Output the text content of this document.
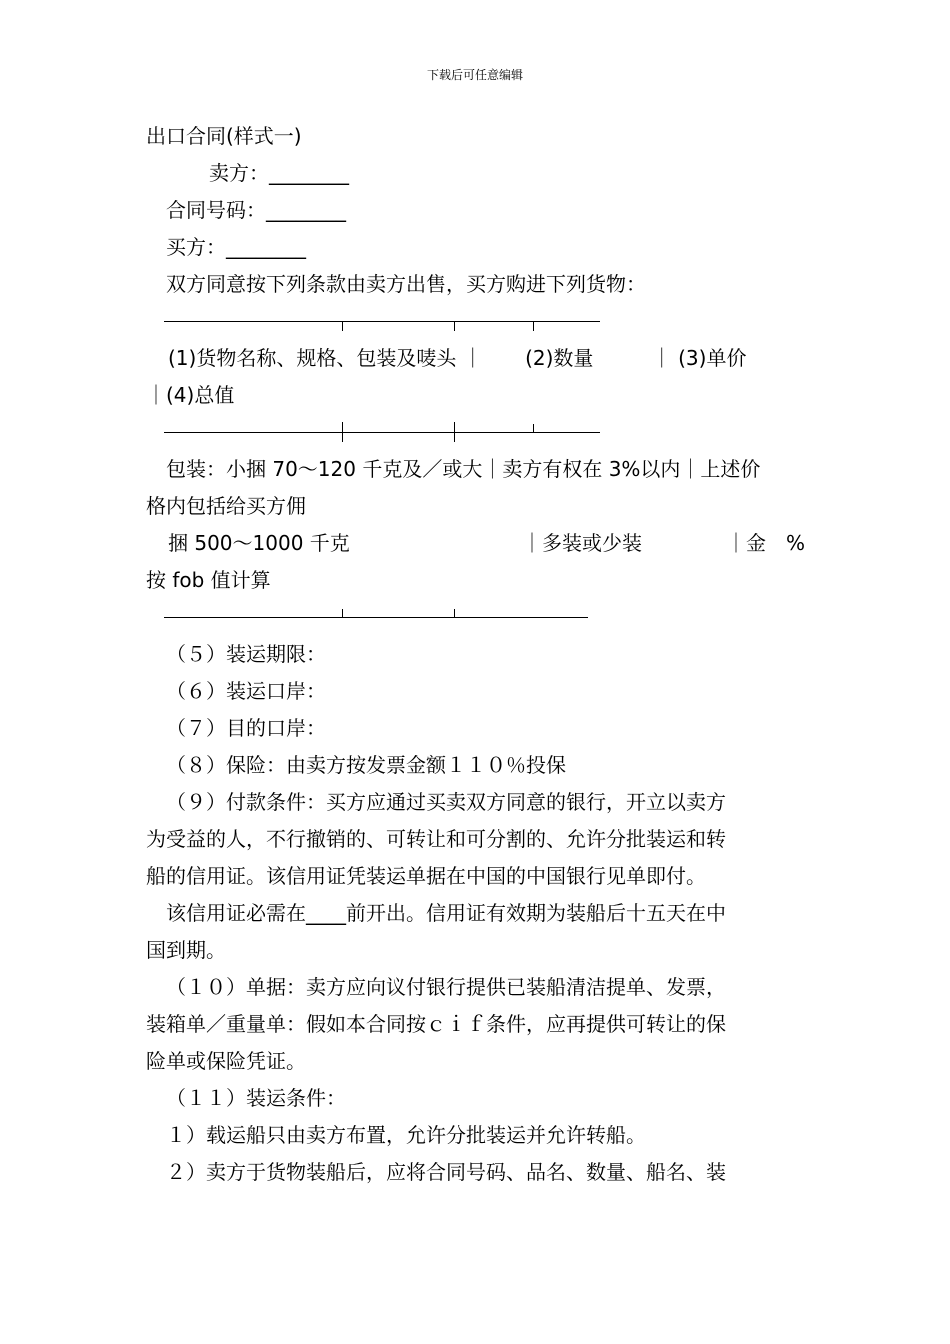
下载后可任意编辑
出口合同(样式一)
卖方：________
合同号码：________
买方：________
双方同意按下列条款由卖方出售，买方购进下列货物：
(1)货物名称、规格、包装及唛头 ｜ (2)数量	｜ (3)单价
｜(4)总值
包装：小捆 70～120 千克及／或大｜卖方有权在 3%以内｜上述价
格内包括给买方佣
捆 500～1000 千克	｜多装或少装	｜金　%
按 fob 值计算
（５）装运期限：
（６）装运口岸：
（７）目的口岸：
（８）保险：由卖方按发票金额１１０％投保
（９）付款条件：买方应通过买卖双方同意的银行，开立以卖方
为受益的人，不行撤销的、可转让和可分割的、允许分批装运和转
船的信用证。该信用证凭装运单据在中国的中国银行见单即付。
该信用证必需在____前开出。信用证有效期为装船后十五天在中
国到期。
（１０）单据：卖方应向议付银行提供已装船清洁提单、发票，
装箱单／重量单：假如本合同按ｃｉｆ条件，应再提供可转让的保
险单或保险凭证。
（１１）装运条件：
１）载运船只由卖方布置，允许分批装运并允许转船。
２）卖方于货物装船后，应将合同号码、品名、数量、船名、装
